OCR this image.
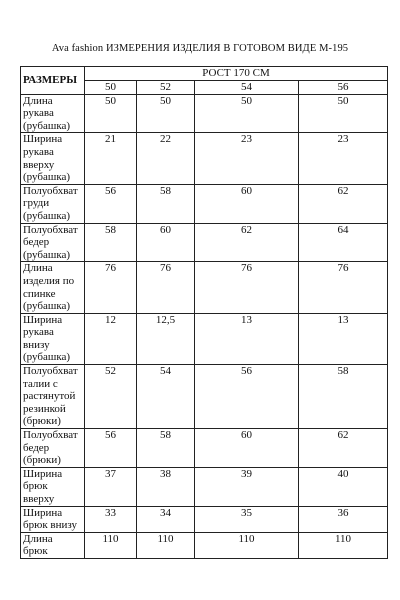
Ava fashion ИЗМЕРЕНИЯ ИЗДЕЛИЯ В ГОТОВОМ ВИДЕ М-195
РАЗМЕРЫ	РОСТ 170 СМ			
	50	52	54	56

Длина
рукава
(рубашка)	50	50	50	50

Ширина
рукава
вверху
(рубашка)	21	22	23	23

Полуобхват
груди
(рубашка)	56	58	60	62

Полуобхват
бедер
(рубашка)	58	60	62	64

Длина
изделия по
спинке
(рубашка)	76	76	76	76

Ширина
рукава
внизу
(рубашка)	12	12,5	13	13

Полуобхват
талии с
растянутой
резинкой
(брюки)	52	54	56	58

Полуобхват
бедер
(брюки)	56	58	60	62

Ширина
брюк
вверху	37	38	39	40

Ширина
брюк внизу	33	34	35	36

Длина
брюк	110	110	110	110
